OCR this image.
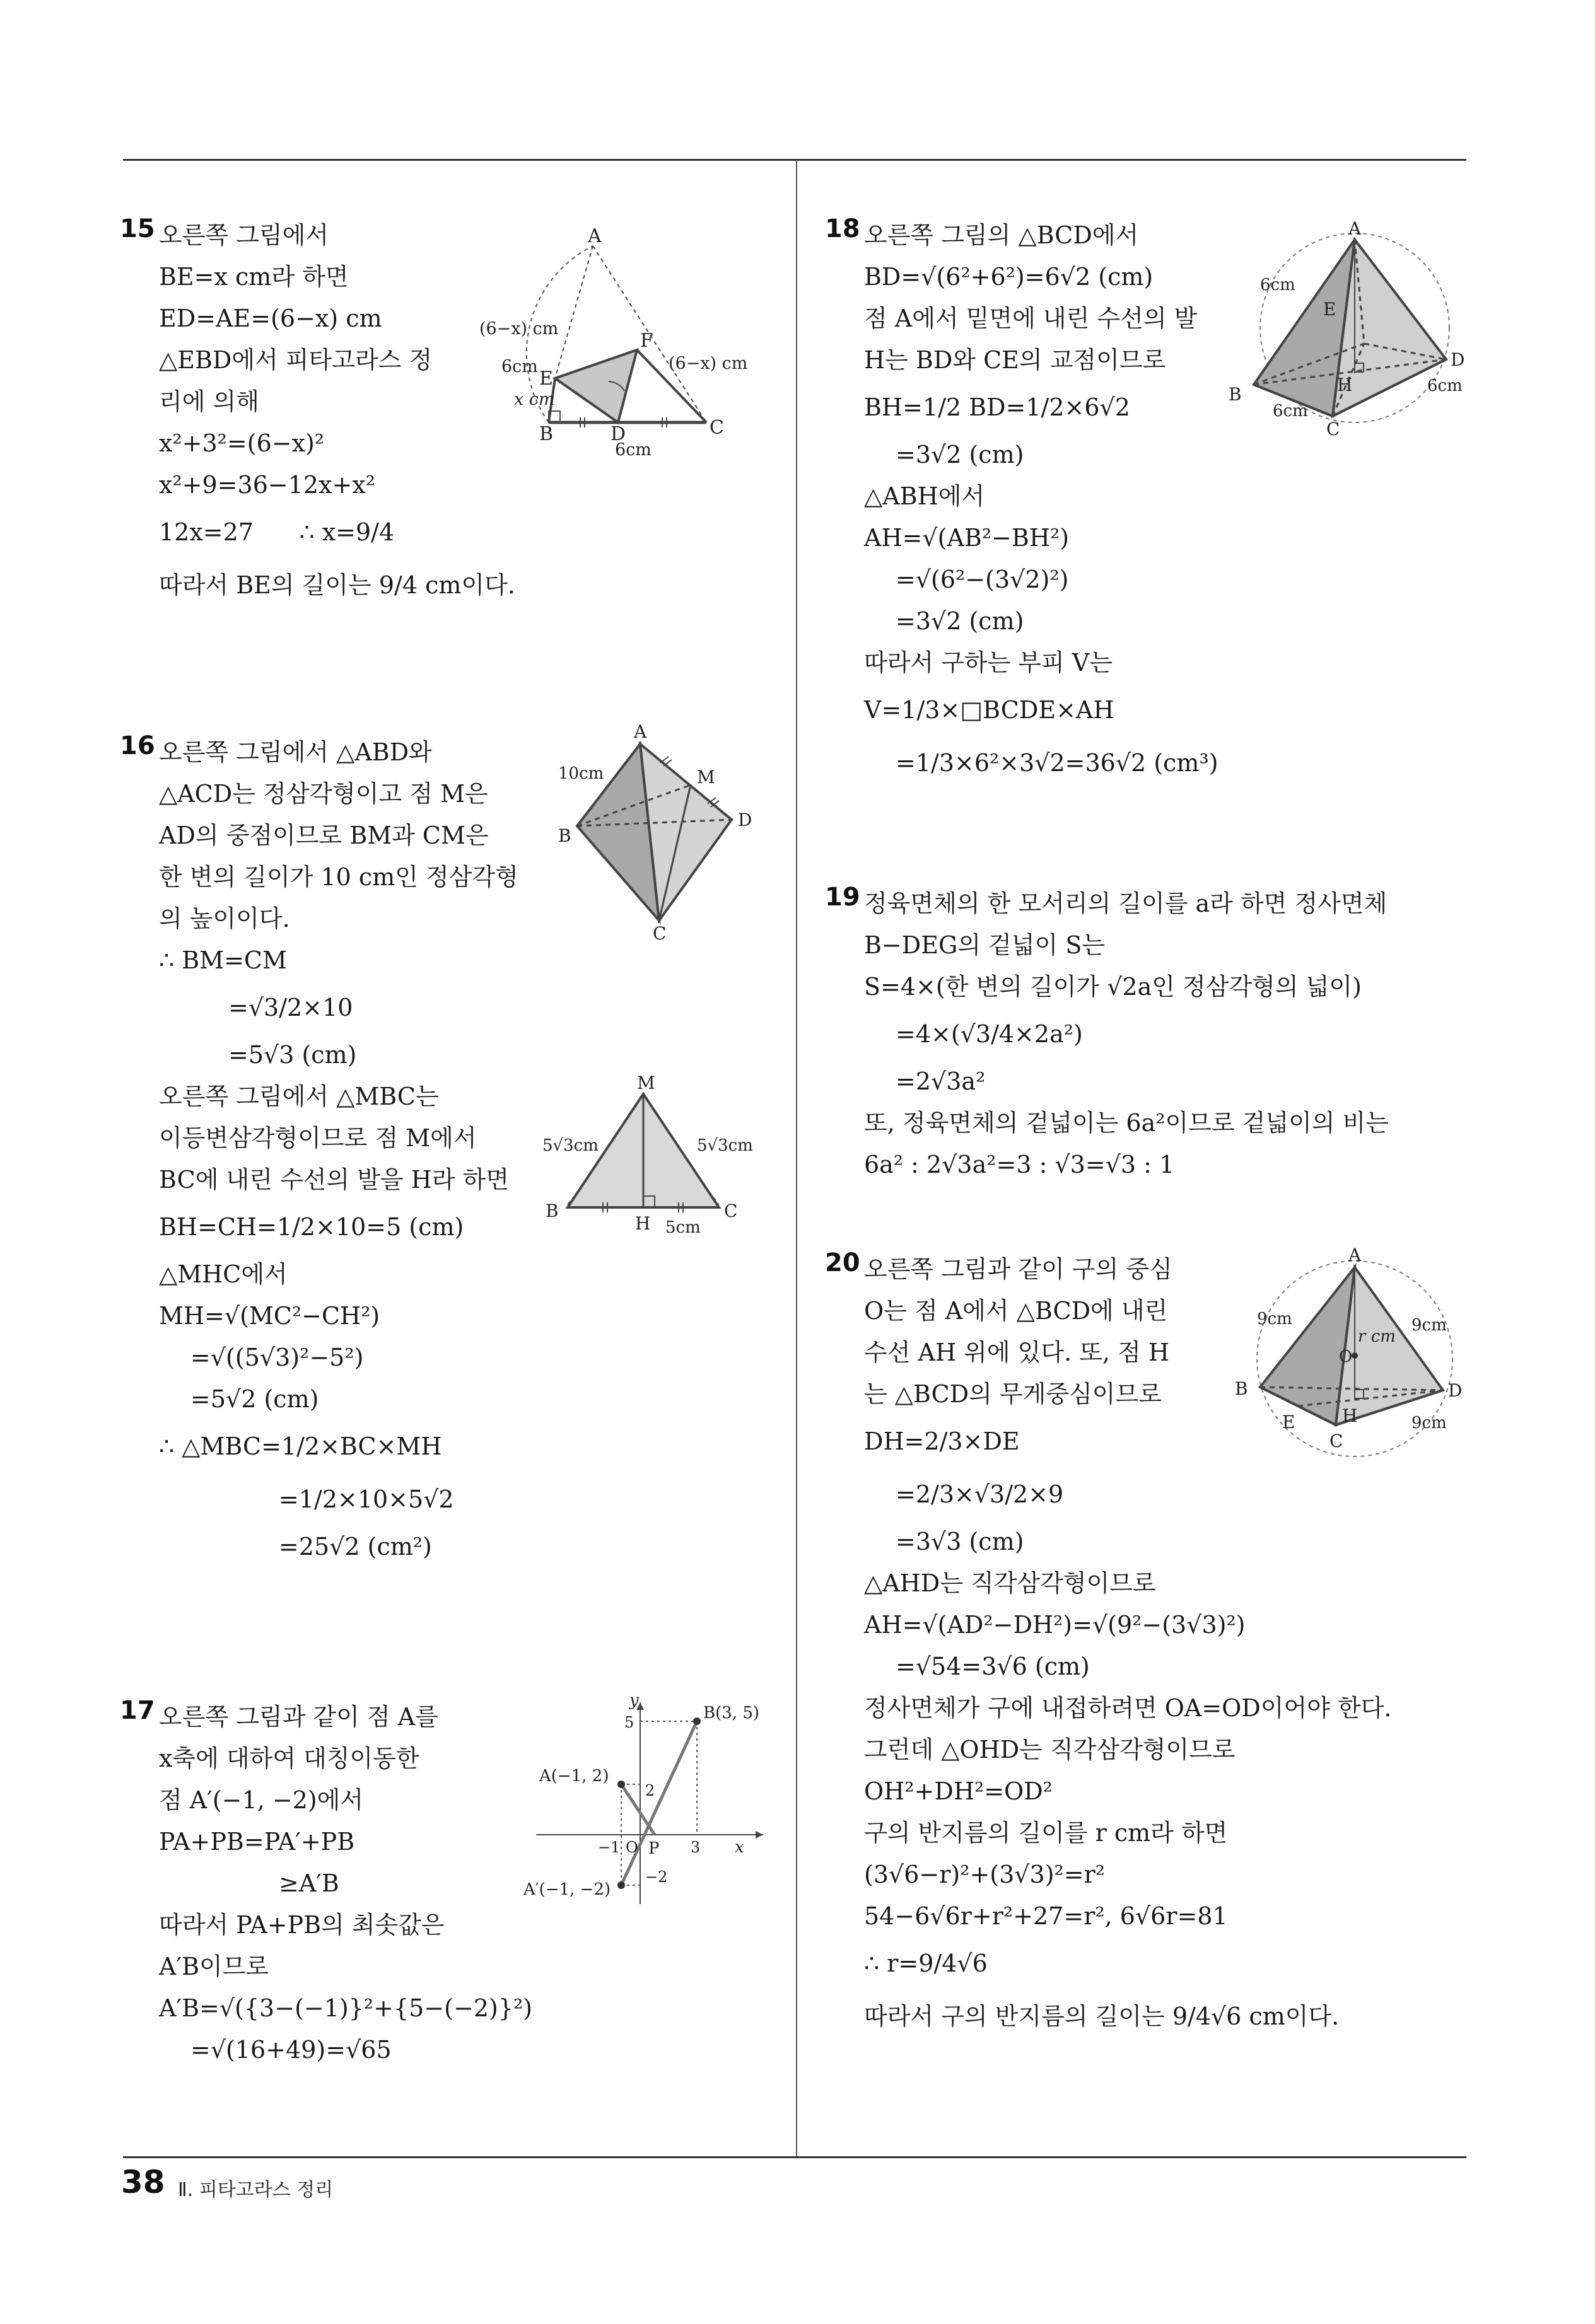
15 오른쪽 그림에서
BE=x cm라 하면
ED=AE=(6−x) cm
△EBD에서 피타고라스 정
리에 의해
x²+3²=(6−x)²
x²+9=36−12x+x²
12x=27      ∴ x=9/4
따라서 BE의 길이는 9/4 cm이다.
A
F
E
B	D	C
(6−x) cm
(6−x) cm
6cm
x cm
6cm
16 오른쪽 그림에서 △ABD와
△ACD는 정삼각형이고 점 M은
AD의 중점이므로 BM과 CM은
한 변의 길이가 10 cm인 정삼각형
의 높이이다.
∴ BM=CM
=√3/2×10
=5√3 (cm)
오른쪽 그림에서 △MBC는
이등변삼각형이므로 점 M에서
BC에 내린 수선의 발을 H라 하면
BH=CH=1/2×10=5 (cm)
△MHC에서
MH=√(MC²−CH²)
=√((5√3)²−5²)
=5√2 (cm)
∴ △MBC=1/2×BC×MH
=1/2×10×5√2
=25√2 (cm²)
A
M
10cm
B
D
C
M
5√3cm	5√3cm
B
H 5cm
C
17 오른쪽 그림과 같이 점 A를
x축에 대하여 대칭이동한
점 A′(−1, −2)에서
PA+PB=PA′+PB
≥A′B
따라서 PA+PB의 최솟값은
A′B이므로
A′B=√({3−(−1)}²+{5−(−2)}²)
=√(16+49)=√65
y
B(3, 5)
5
A(−1, 2)
2
−1 O P 3 x
A′(−1, −2)
−2
18 오른쪽 그림의 △BCD에서
BD=√(6²+6²)=6√2 (cm)
점 A에서 밑면에 내린 수선의 발
H는 BD와 CE의 교점이므로
BH=1/2 BD=1/2×6√2
=3√2 (cm)
△ABH에서
AH=√(AB²−BH²)
=√(6²−(3√2)²)
=3√2 (cm)
따라서 구하는 부피 V는
V=1/3×□BCDE×AH
=1/3×6²×3√2=36√2 (cm³)
A
6cm
E
D
B	H	6cm
6cm
C
19 정육면체의 한 모서리의 길이를 a라 하면 정사면체
B−DEG의 겉넓이 S는
S=4×(한 변의 길이가 √2a인 정삼각형의 넓이)
=4×(√3/4×2a²)
=2√3a²
또, 정육면체의 겉넓이는 6a²이므로 겉넓이의 비는
6a² : 2√3a²=3 : √3=√3 : 1
20 오른쪽 그림과 같이 구의 중심
O는 점 A에서 △BCD에 내린
수선 AH 위에 있다. 또, 점 H
는 △BCD의 무게중심이므로
DH=2/3×DE
=2/3×√3/2×9
=3√3 (cm)
△AHD는 직각삼각형이므로
AH=√(AD²−DH²)=√(9²−(3√3)²)
=√54=3√6 (cm)
정사면체가 구에 내접하려면 OA=OD이어야 한다.
그런데 △OHD는 직각삼각형이므로
OH²+DH²=OD²
구의 반지름의 길이를 r cm라 하면
(3√6−r)²+(3√3)²=r²
54−6√6r+r²+27=r², 6√6r=81
∴ r=9/4√6
따라서 구의 반지름의 길이는 9/4√6 cm이다.
A
9cm	9cm
r cm
O
B	D
E	H	9cm
C
38 Ⅱ. 피타고라스 정리
